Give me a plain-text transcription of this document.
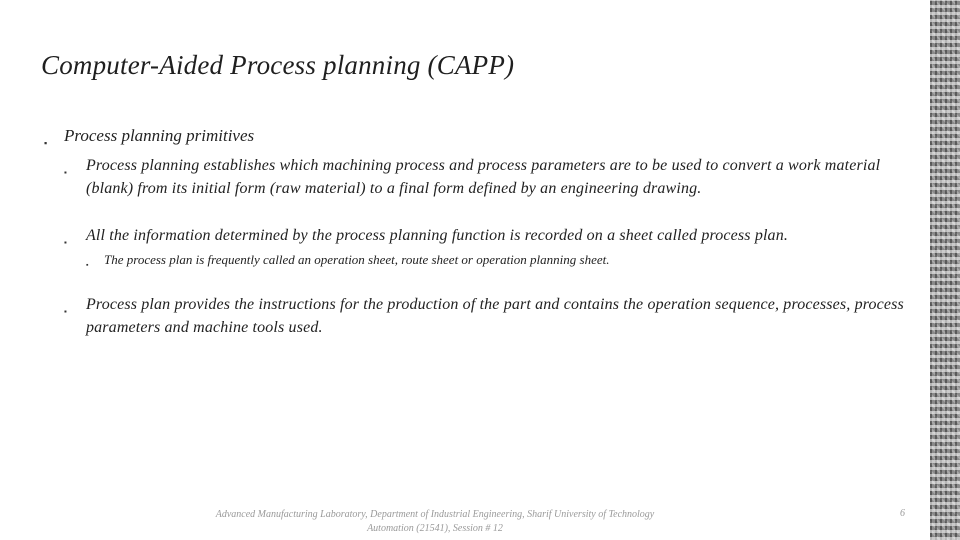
Computer-Aided Process planning (CAPP)
▪ Process planning primitives
▪ Process planning establishes which machining process and process parameters are to be used to convert a work material (blank) from its initial form (raw material) to a final form defined by an engineering drawing.
▪ All the information determined by the process planning function is recorded on a sheet called process plan.
▪ The process plan is frequently called an operation sheet, route sheet or operation planning sheet.
▪ Process plan provides the instructions for the production of the part and contains the operation sequence, processes, process parameters and machine tools used.
Advanced Manufacturing Laboratory, Department of Industrial Engineering, Sharif University of Technology
Automation (21541), Session # 12
6
